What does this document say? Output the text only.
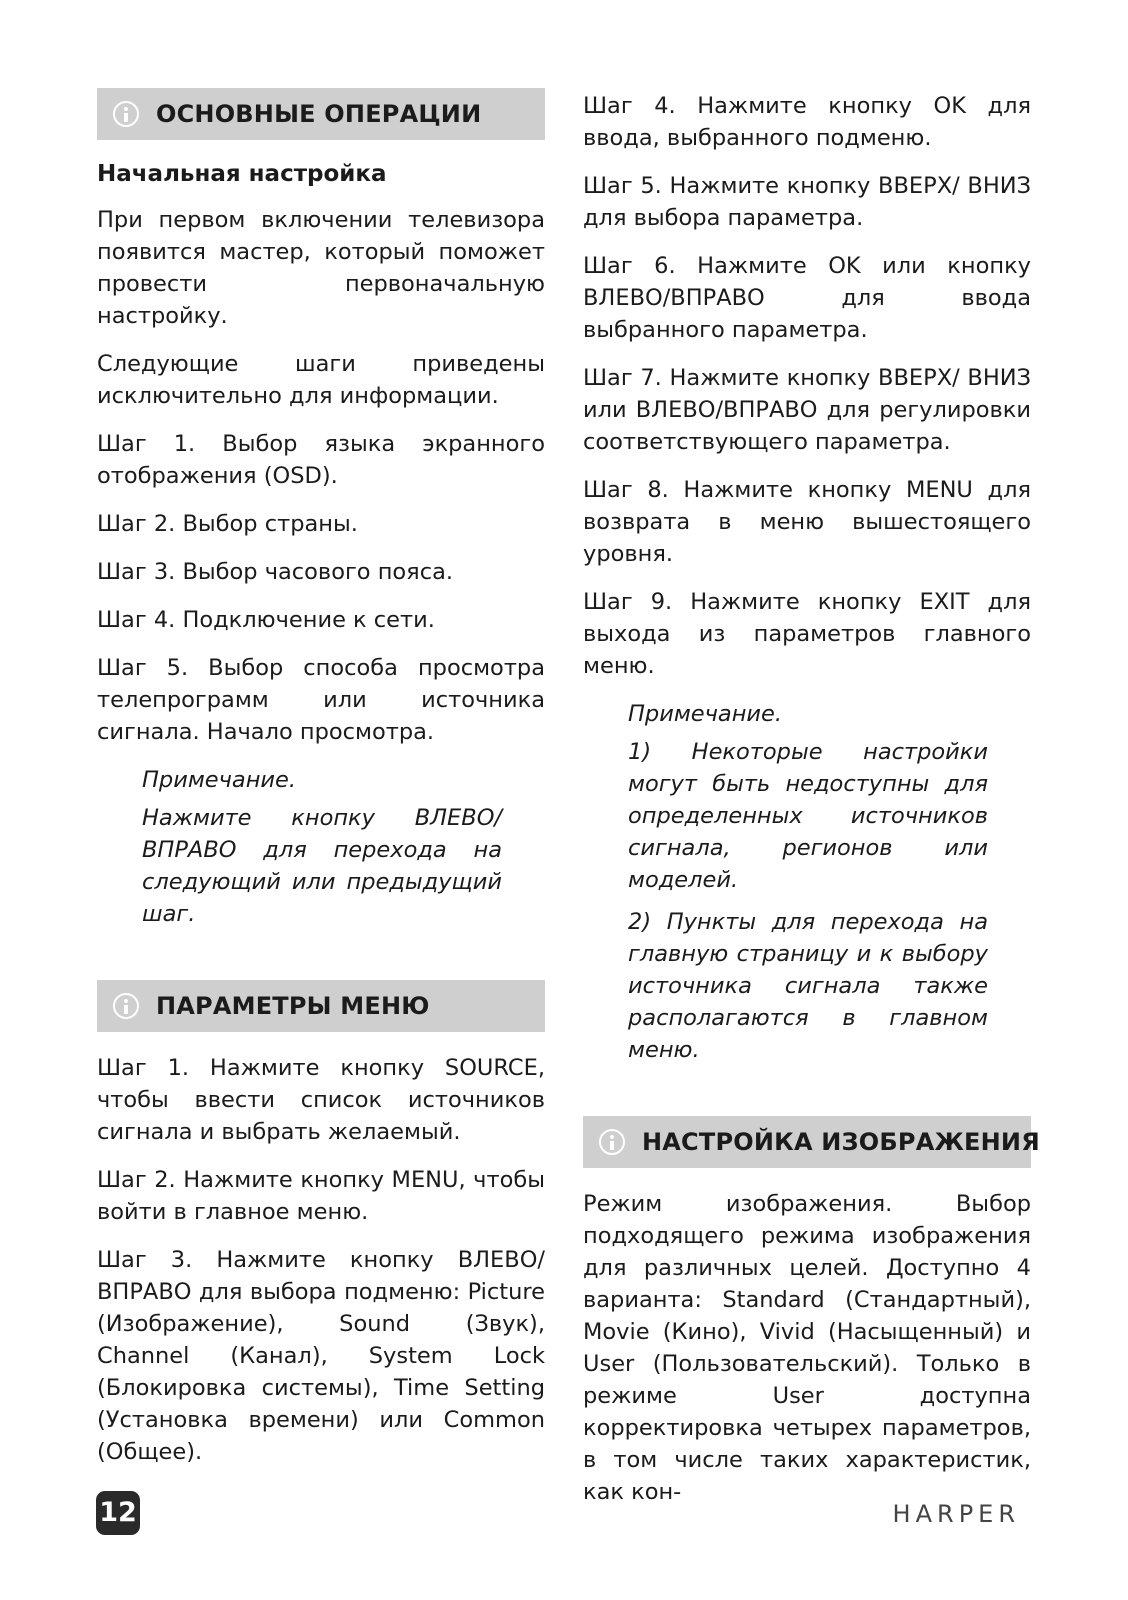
ОСНОВНЫЕ ОПЕРАЦИИ
Начальная настройка

При первом включении телевизора появится мастер, который поможет провести первоначальную настройку.

Следующие шаги приведены исключительно для информации.

Шаг 1. Выбор языка экранного отображения (OSD).

Шаг 2. Выбор страны.

Шаг 3. Выбор часового пояса.

Шаг 4. Подключение к сети.

Шаг 5. Выбор способа просмотра телепрограмм или источника сигнала. Начало просмотра.

Примечание.
Нажмите кнопку ВЛЕВО/ ВПРАВО для перехода на следующий или предыдущий шаг.
ПАРАМЕТРЫ МЕНЮ

Шаг 1. Нажмите кнопку SOURCE, чтобы ввести список источников сигнала и выбрать желаемый.

Шаг 2. Нажмите кнопку MENU, чтобы войти в главное меню.

Шаг 3. Нажмите кнопку ВЛЕВО/ ВПРАВО для выбора подменю: Picture (Изображение), Sound (Звук), Channel (Канал), System Lock (Блокировка системы), Time Setting (Установка времени) или Common (Общее).

Шаг 4. Нажмите кнопку OK для ввода, выбранного подменю.

Шаг 5. Нажмите кнопку ВВЕРХ/ ВНИЗ для выбора параметра.

Шаг 6. Нажмите OK или кнопку ВЛЕВО/ВПРАВО для ввода выбранного параметра.

Шаг 7. Нажмите кнопку ВВЕРХ/ ВНИЗ или ВЛЕВО/ВПРАВО для регулировки соответствующего параметра.

Шаг 8. Нажмите кнопку MENU для возврата в меню вышестоящего уровня.

Шаг 9. Нажмите кнопку EXIT для выхода из параметров главного меню.

Примечание.
1) Некоторые настройки могут быть недоступны для определенных источников сигнала, регионов или моделей.
2) Пункты для перехода на главную страницу и к выбору источника сигнала также располагаются в главном меню.
НАСТРОЙКА ИЗОБРАЖЕНИЯ

Режим изображения. Выбор подходящего режима изображения для различных целей. Доступно 4 варианта: Standard (Стандартный), Movie (Кино), Vivid (Насыщенный) и User (Пользовательский). Только в режиме User доступна корректировка четырех параметров, в том числе таких характеристик, как кон-

12	HARPER
